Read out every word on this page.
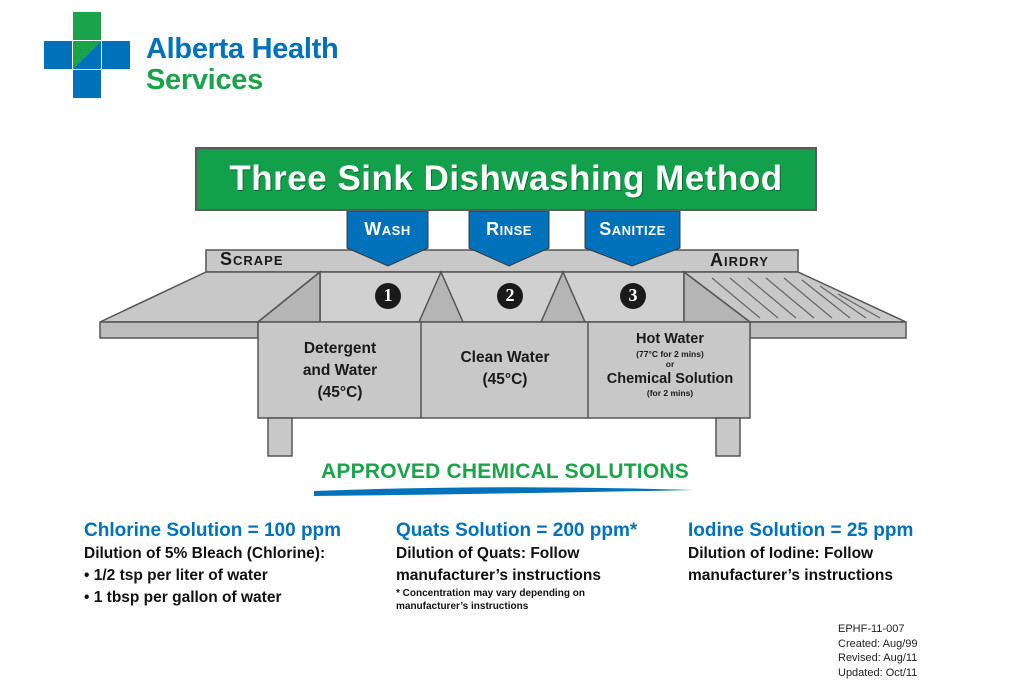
Alberta Health
Services
Three Sink Dishwashing Method
Wash	Rinse	Sanitize
Scrape	Airdry
1	2	3
Detergent
and Water
(45°C)
Clean Water
(45°C)
Hot Water
(77°C for 2 mins)
or
Chemical Solution
(for 2 mins)
APPROVED CHEMICAL SOLUTIONS
Chlorine Solution = 100 ppm
Dilution of 5% Bleach (Chlorine):
• 1/2 tsp per liter of water
• 1 tbsp per gallon of water
Quats Solution = 200 ppm*
Dilution of Quats: Follow
manufacturer’s instructions
* Concentration may vary depending on
manufacturer’s instructions
Iodine Solution = 25 ppm
Dilution of Iodine: Follow
manufacturer’s instructions
EPHF-11-007
Created: Aug/99
Revised: Aug/11
Updated: Oct/11
